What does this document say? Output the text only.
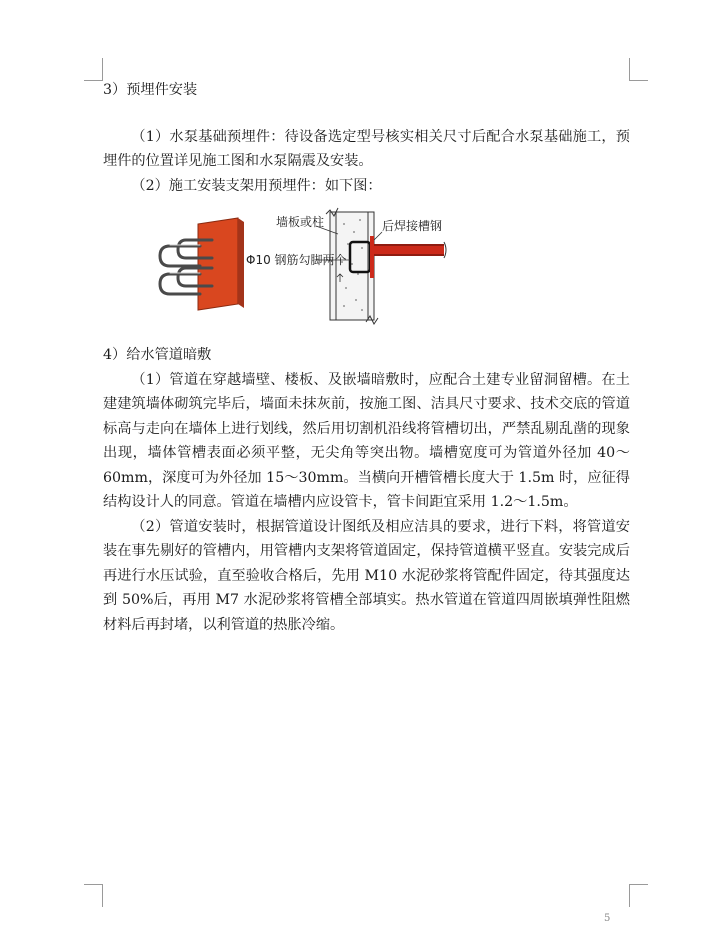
3）预埋件安装

（1）水泵基础预埋件：待设备选定型号核实相关尺寸后配合水泵基础施工，预埋件的位置详见施工图和水泵隔震及安装。

（2）施工安装支架用预埋件：如下图：

墙板或柱	后焊接槽钢
Φ10 钢筋勾脚两个

4）给水管道暗敷

（1）管道在穿越墙壁、楼板、及嵌墙暗敷时，应配合土建专业留洞留槽。在土建建筑墙体砌筑完毕后，墙面未抹灰前，按施工图、洁具尺寸要求、技术交底的管道标高与走向在墙体上进行划线，然后用切割机沿线将管槽切出，严禁乱剔乱凿的现象出现，墙体管槽表面必须平整，无尖角等突出物。墙槽宽度可为管道外径加 40～60mm，深度可为外径加 15～30mm。当横向开槽管槽长度大于 1.5m 时，应征得结构设计人的同意。管道在墙槽内应设管卡，管卡间距宜采用 1.2～1.5m。

（2）管道安装时，根据管道设计图纸及相应洁具的要求，进行下料，将管道安装在事先剔好的管槽内，用管槽内支架将管道固定，保持管道横平竖直。安装完成后再进行水压试验，直至验收合格后，先用 M10 水泥砂浆将管配件固定，待其强度达到 50%后，再用 M7 水泥砂浆将管槽全部填实。热水管道在管道四周嵌填弹性阻燃材料后再封堵，以利管道的热胀冷缩。

5
